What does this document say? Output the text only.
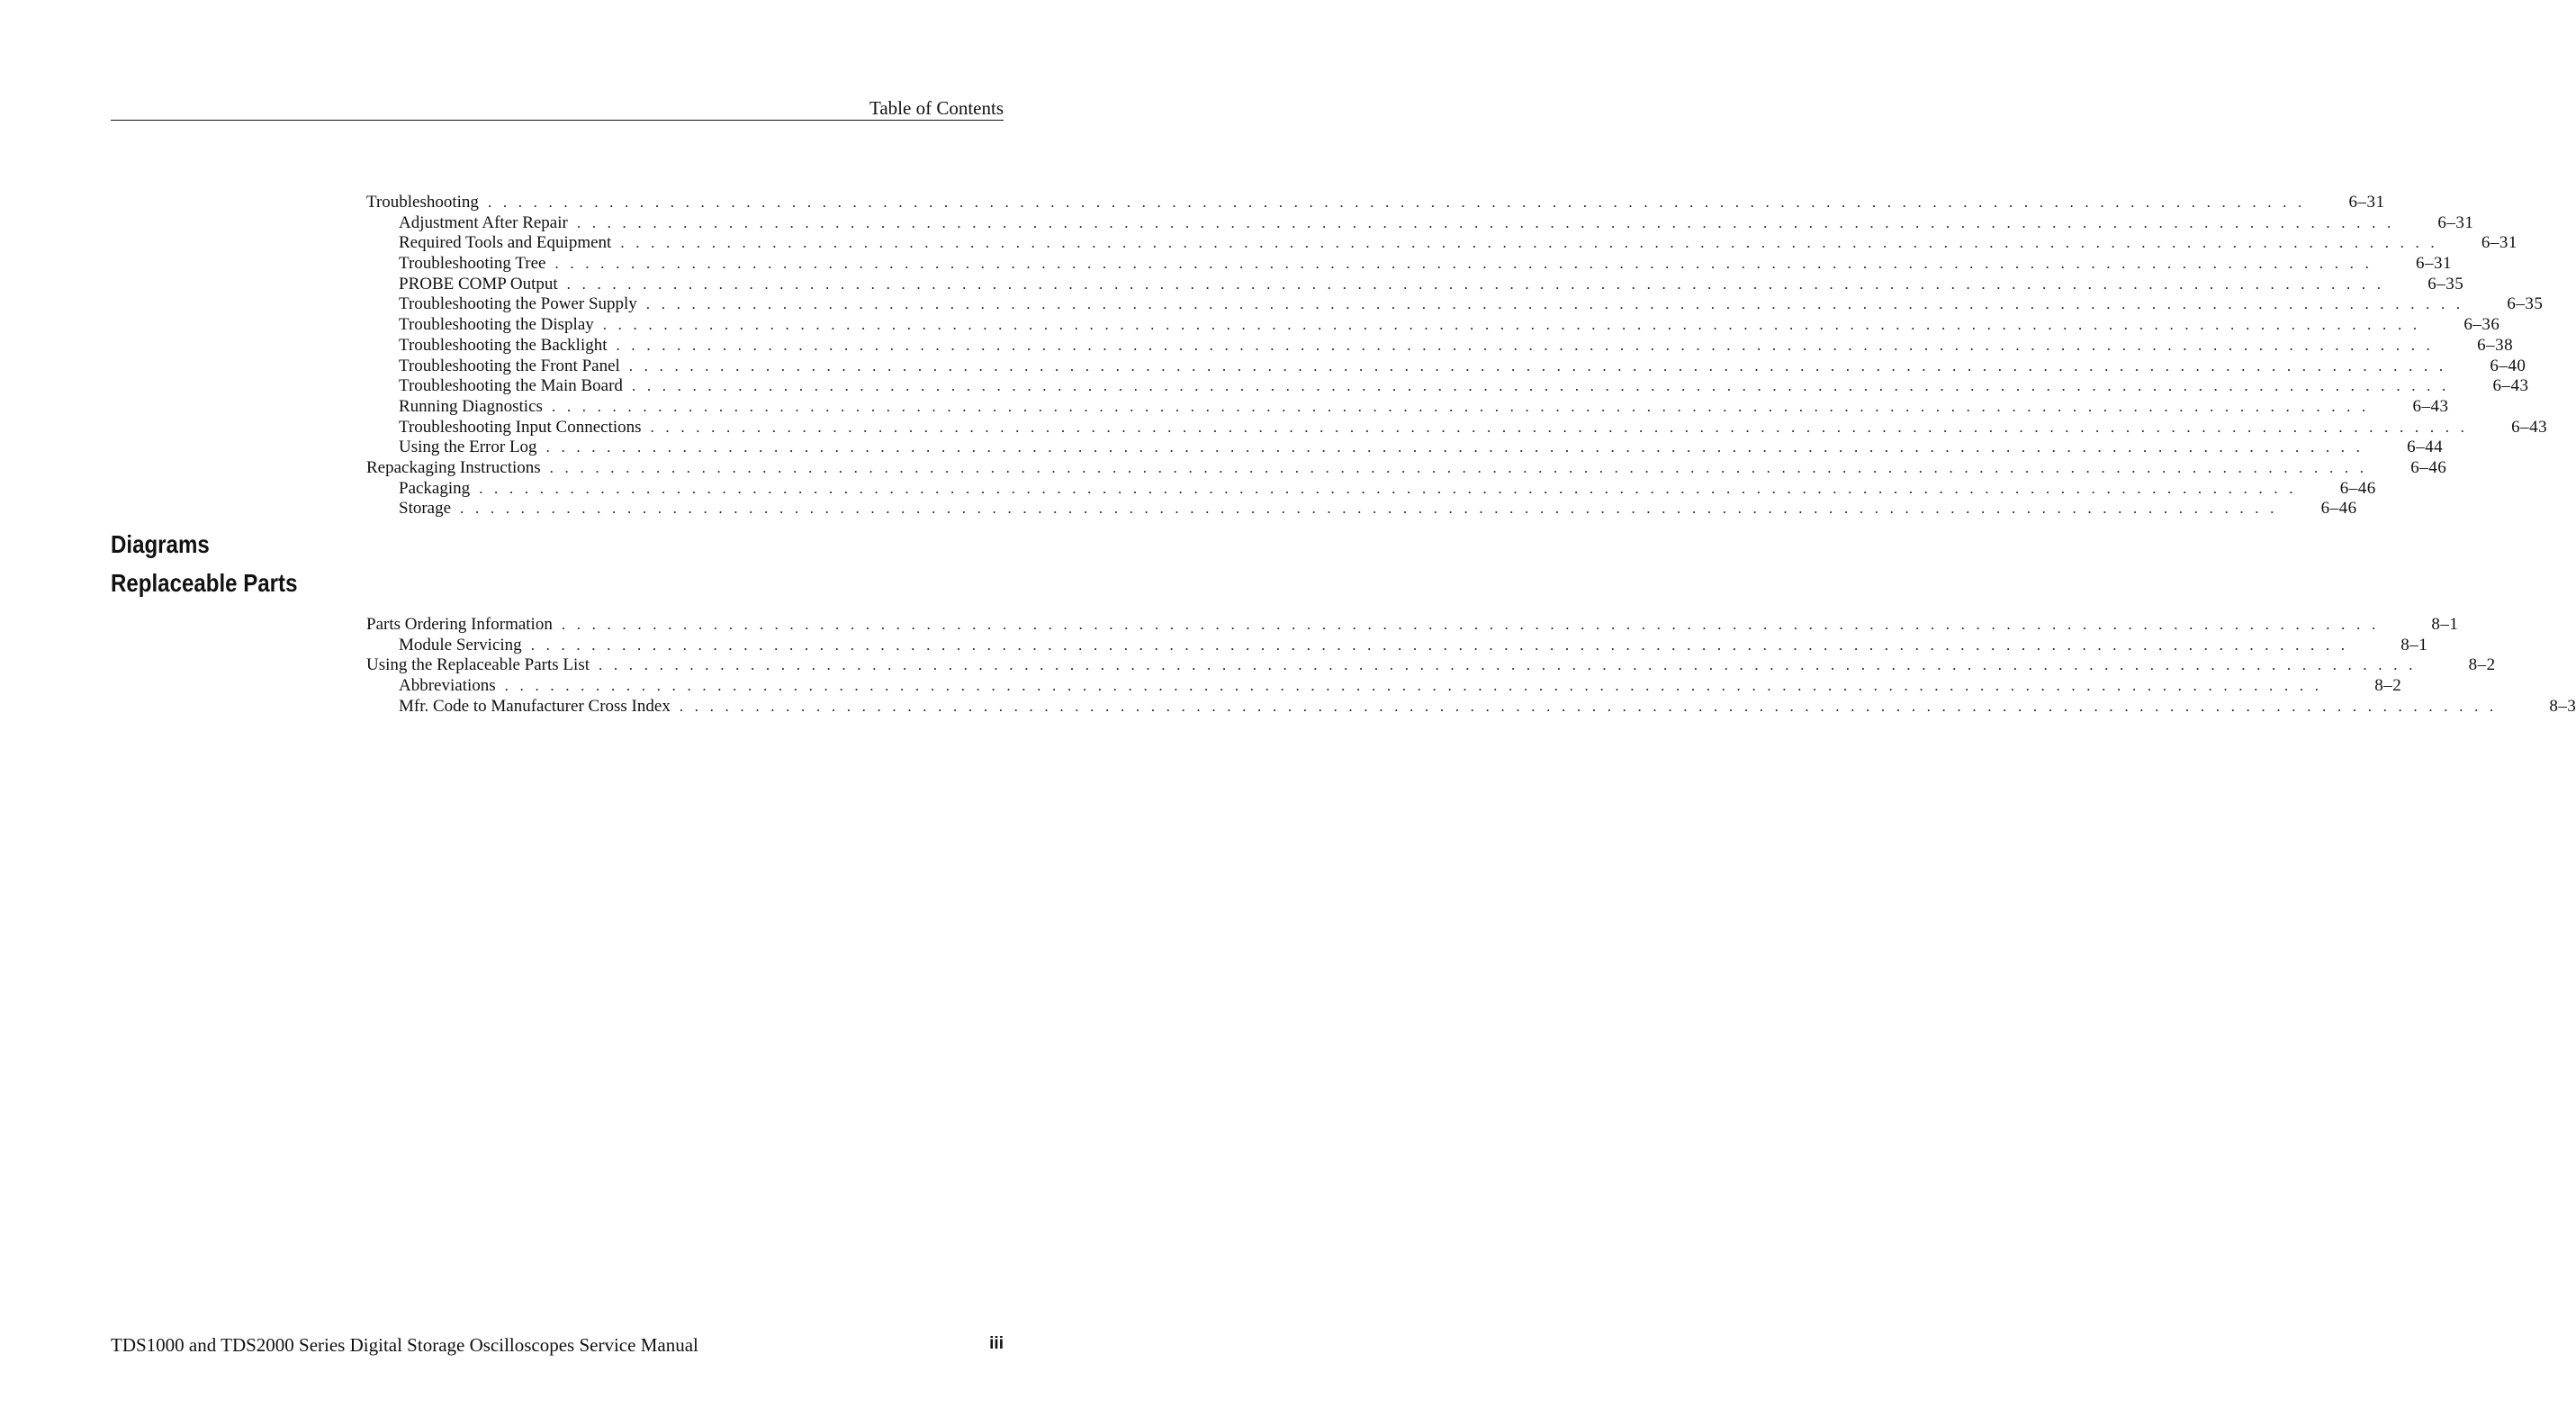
Table of Contents
Troubleshooting . . . . . . . . . . . . . . . . . . . . . . . . . . . . . . . . . . . . . . . . . . . . . . . . . . . . . . . . . . . . . . . . . . . . . . . . . . . . . . . . . . . . . . . . . . . . . . . . . . . . . . . . . . . . . . . . . . . . . . . .	6–31
Adjustment After Repair . . . . . . . . . . . . . . . . . . . . . . . . . . . . . . . . . . . . . . . . . . . . . . . . . . . . . . . . . . . . . . . . . . . . . . . . . . . . . . . . . . . . . . . . . . . . . . . . . . . . . . . . . . . . . . . . . . . . . . . .	6–31
Required Tools and Equipment . . . . . . . . . . . . . . . . . . . . . . . . . . . . . . . . . . . . . . . . . . . . . . . . . . . . . . . . . . . . . . . . . . . . . . . . . . . . . . . . . . . . . . . . . . . . . . . . . . . . . . . . . . . . . . . . . . . . . . . .	6–31
Troubleshooting Tree . . . . . . . . . . . . . . . . . . . . . . . . . . . . . . . . . . . . . . . . . . . . . . . . . . . . . . . . . . . . . . . . . . . . . . . . . . . . . . . . . . . . . . . . . . . . . . . . . . . . . . . . . . . . . . . . . . . . . . . .	6–31
PROBE COMP Output . . . . . . . . . . . . . . . . . . . . . . . . . . . . . . . . . . . . . . . . . . . . . . . . . . . . . . . . . . . . . . . . . . . . . . . . . . . . . . . . . . . . . . . . . . . . . . . . . . . . . . . . . . . . . . . . . . . . . . . .	6–35
Troubleshooting the Power Supply . . . . . . . . . . . . . . . . . . . . . . . . . . . . . . . . . . . . . . . . . . . . . . . . . . . . . . . . . . . . . . . . . . . . . . . . . . . . . . . . . . . . . . . . . . . . . . . . . . . . . . . . . . . . . . . . . . . . . . . .	6–35
Troubleshooting the Display . . . . . . . . . . . . . . . . . . . . . . . . . . . . . . . . . . . . . . . . . . . . . . . . . . . . . . . . . . . . . . . . . . . . . . . . . . . . . . . . . . . . . . . . . . . . . . . . . . . . . . . . . . . . . . . . . . . . . . . .	6–36
Troubleshooting the Backlight . . . . . . . . . . . . . . . . . . . . . . . . . . . . . . . . . . . . . . . . . . . . . . . . . . . . . . . . . . . . . . . . . . . . . . . . . . . . . . . . . . . . . . . . . . . . . . . . . . . . . . . . . . . . . . . . . . . . . . . .	6–38
Troubleshooting the Front Panel . . . . . . . . . . . . . . . . . . . . . . . . . . . . . . . . . . . . . . . . . . . . . . . . . . . . . . . . . . . . . . . . . . . . . . . . . . . . . . . . . . . . . . . . . . . . . . . . . . . . . . . . . . . . . . . . . . . . . . . .	6–40
Troubleshooting the Main Board . . . . . . . . . . . . . . . . . . . . . . . . . . . . . . . . . . . . . . . . . . . . . . . . . . . . . . . . . . . . . . . . . . . . . . . . . . . . . . . . . . . . . . . . . . . . . . . . . . . . . . . . . . . . . . . . . . . . . . . .	6–43
Running Diagnostics . . . . . . . . . . . . . . . . . . . . . . . . . . . . . . . . . . . . . . . . . . . . . . . . . . . . . . . . . . . . . . . . . . . . . . . . . . . . . . . . . . . . . . . . . . . . . . . . . . . . . . . . . . . . . . . . . . . . . . . .	6–43
Troubleshooting Input Connections . . . . . . . . . . . . . . . . . . . . . . . . . . . . . . . . . . . . . . . . . . . . . . . . . . . . . . . . . . . . . . . . . . . . . . . . . . . . . . . . . . . . . . . . . . . . . . . . . . . . . . . . . . . . . . . . . . . . . . . .	6–43
Using the Error Log . . . . . . . . . . . . . . . . . . . . . . . . . . . . . . . . . . . . . . . . . . . . . . . . . . . . . . . . . . . . . . . . . . . . . . . . . . . . . . . . . . . . . . . . . . . . . . . . . . . . . . . . . . . . . . . . . . . . . . . .	6–44
Repackaging Instructions . . . . . . . . . . . . . . . . . . . . . . . . . . . . . . . . . . . . . . . . . . . . . . . . . . . . . . . . . . . . . . . . . . . . . . . . . . . . . . . . . . . . . . . . . . . . . . . . . . . . . . . . . . . . . . . . . . . . . . . .	6–46
Packaging . . . . . . . . . . . . . . . . . . . . . . . . . . . . . . . . . . . . . . . . . . . . . . . . . . . . . . . . . . . . . . . . . . . . . . . . . . . . . . . . . . . . . . . . . . . . . . . . . . . . . . . . . . . . . . . . . . . . . . . .	6–46
Storage . . . . . . . . . . . . . . . . . . . . . . . . . . . . . . . . . . . . . . . . . . . . . . . . . . . . . . . . . . . . . . . . . . . . . . . . . . . . . . . . . . . . . . . . . . . . . . . . . . . . . . . . . . . . . . . . . . . . . . . .	6–46
Diagrams
Replaceable Parts
Parts Ordering Information . . . . . . . . . . . . . . . . . . . . . . . . . . . . . . . . . . . . . . . . . . . . . . . . . . . . . . . . . . . . . . . . . . . . . . . . . . . . . . . . . . . . . . . . . . . . . . . . . . . . . . . . . . . . . . . . . . . . . . . .	8–1
Module Servicing . . . . . . . . . . . . . . . . . . . . . . . . . . . . . . . . . . . . . . . . . . . . . . . . . . . . . . . . . . . . . . . . . . . . . . . . . . . . . . . . . . . . . . . . . . . . . . . . . . . . . . . . . . . . . . . . . . . . . . . .	8–1
Using the Replaceable Parts List . . . . . . . . . . . . . . . . . . . . . . . . . . . . . . . . . . . . . . . . . . . . . . . . . . . . . . . . . . . . . . . . . . . . . . . . . . . . . . . . . . . . . . . . . . . . . . . . . . . . . . . . . . . . . . . . . . . . . . . .	8–2
Abbreviations . . . . . . . . . . . . . . . . . . . . . . . . . . . . . . . . . . . . . . . . . . . . . . . . . . . . . . . . . . . . . . . . . . . . . . . . . . . . . . . . . . . . . . . . . . . . . . . . . . . . . . . . . . . . . . . . . . . . . . . .	8–2
Mfr. Code to Manufacturer Cross Index . . . . . . . . . . . . . . . . . . . . . . . . . . . . . . . . . . . . . . . . . . . . . . . . . . . . . . . . . . . . . . . . . . . . . . . . . . . . . . . . . . . . . . . . . . . . . . . . . . . . . . . . . . . . . . . . . . . . . . . .	8–3
TDS1000 and TDS2000 Series Digital Storage Oscilloscopes Service Manual	iii
